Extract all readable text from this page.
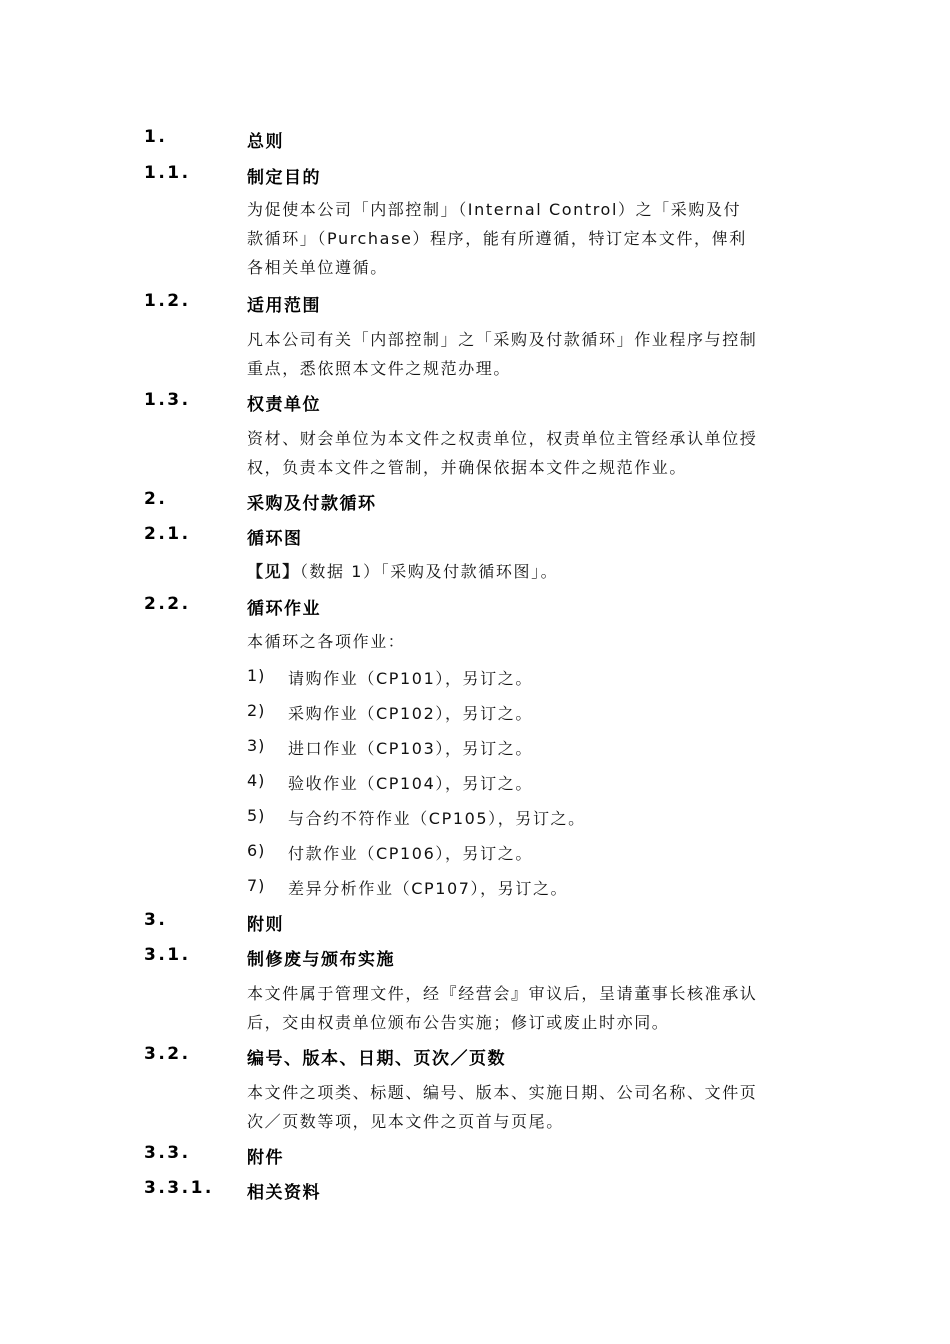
1.	总则
1.1.	制定目的
为促使本公司「内部控制」（Internal Control）之「采购及付
款循环」（Purchase）程序，能有所遵循，特订定本文件，俾利
各相关单位遵循。
1.2.	适用范围
凡本公司有关「内部控制」之「采购及付款循环」作业程序与控制
重点，悉依照本文件之规范办理。
1.3.	权责单位
资材、财会单位为本文件之权责单位，权责单位主管经承认单位授
权，负责本文件之管制，并确保依据本文件之规范作业。
2.	采购及付款循环
2.1.	循环图
【见】（数据 1）「采购及付款循环图」。
2.2.	循环作业
本循环之各项作业：
1) 请购作业（CP101），另订之。
2) 采购作业（CP102），另订之。
3) 进口作业（CP103），另订之。
4) 验收作业（CP104），另订之。
5) 与合约不符作业（CP105），另订之。
6) 付款作业（CP106），另订之。
7) 差异分析作业（CP107），另订之。
3.	附则
3.1.	制修废与颁布实施
本文件属于管理文件，经『经营会』审议后，呈请董事长核准承认
后，交由权责单位颁布公告实施；修订或废止时亦同。
3.2.	编号、版本、日期、页次／页数
本文件之项类、标题、编号、版本、实施日期、公司名称、文件页
次／页数等项，见本文件之页首与页尾。
3.3.	附件
3.3.1. 相关资料
